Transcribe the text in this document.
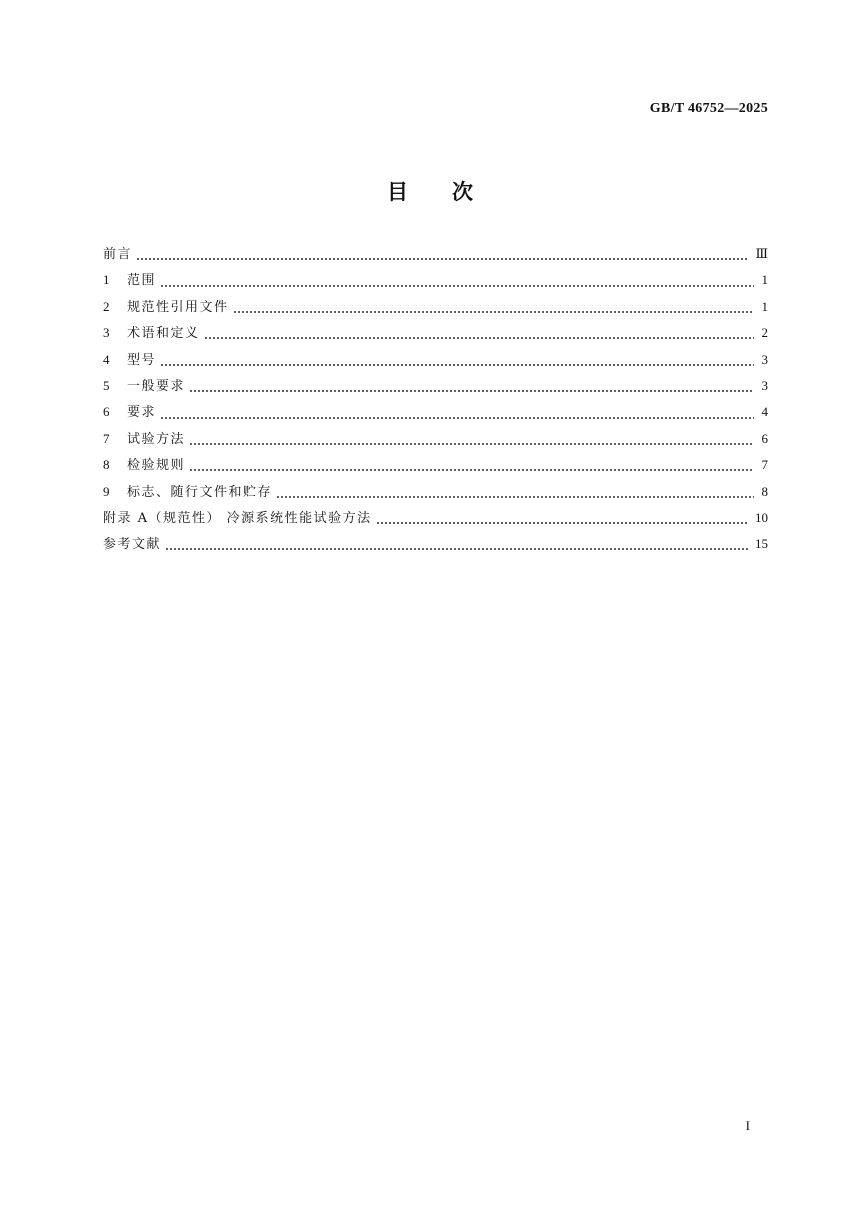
GB/T 46752—2025
目次
前言	Ⅲ
1	范围	1
2	规范性引用文件	1
3	术语和定义	2
4	型号	3
5	一般要求	3
6	要求	4
7	试验方法	6
8	检验规则	7
9	标志、随行文件和贮存	8
附录 A（规范性） 冷源系统性能试验方法	10
参考文献	15
I
